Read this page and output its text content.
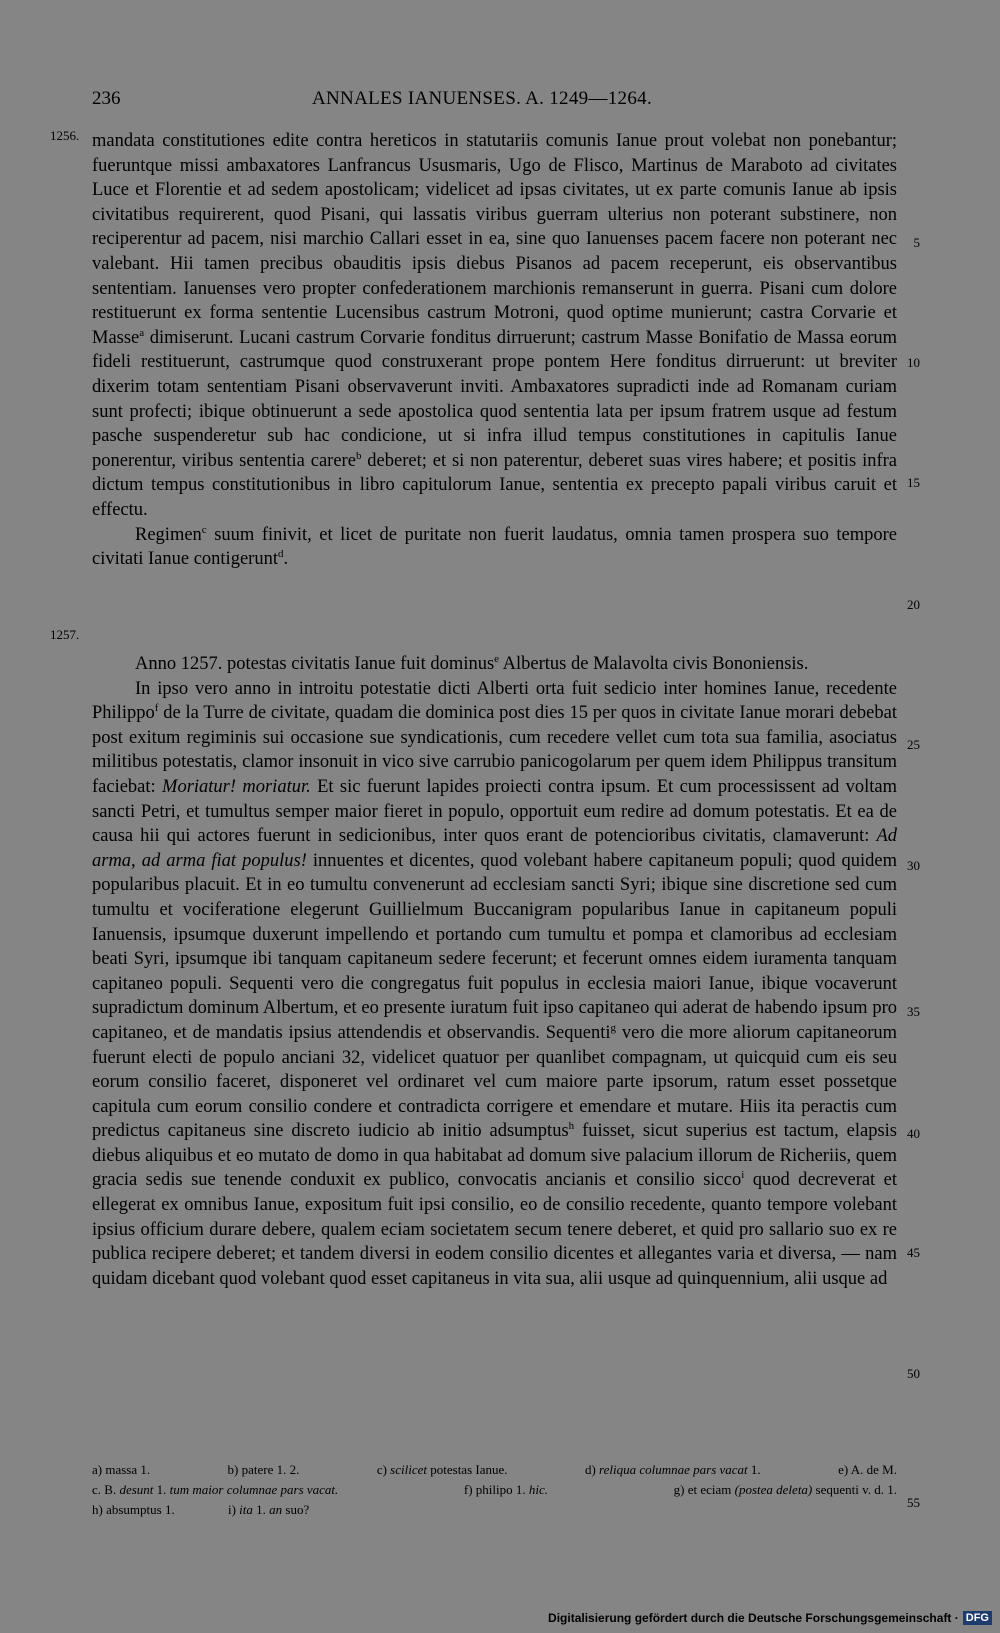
236	ANNALES IANUENSES. A. 1249—1264.
1256.
1257.
5
10
15
20
25
30
35
40
45
50
55

mandata constitutiones edite contra hereticos in statutariis comunis Ianue prout volebat non ponebantur; fueruntque missi ambaxatores Lanfrancus Ususmaris, Ugo de Flisco, Martinus de Maraboto ad civitates Luce et Florentie et ad sedem apostolicam; videlicet ad ipsas civitates, ut ex parte comunis Ianue ab ipsis civitatibus requirerent, quod Pisani, qui lassatis viribus guerram ulterius non poterant substinere, non reciperentur ad pacem, nisi marchio Callari esset in ea, sine quo Ianuenses pacem facere non poterant nec valebant. Hii tamen precibus obauditis ipsis diebus Pisanos ad pacem receperunt, eis observantibus sententiam. Ianuenses vero propter confederationem marchionis remanserunt in guerra. Pisani cum dolore restituerunt ex forma sententie Lucensibus castrum Motroni, quod optime munierunt; castra Corvarie et Masse$^a$ dimiserunt. Lucani castrum Corvarie fonditus dirruerunt; castrum Masse Bonifatio de Massa eorum fideli restituerunt, castrumque quod construxerant prope pontem Here fonditus dirruerunt: ut breviter dixerim totam sententiam Pisani observaverunt inviti. Ambaxatores supradicti inde ad Romanam curiam sunt profecti; ibique obtinuerunt a sede apostolica quod sententia lata per ipsum fratrem usque ad festum pasche suspenderetur sub hac condicione, ut si infra illud tempus constitutiones in capitulis Ianue ponerentur, viribus sententia carere$^b$ deberet; et si non paterentur, deberet suas vires habere; et positis infra dictum tempus constitutionibus in libro capitulorum Ianue, sententia ex precepto papali viribus caruit et effectu.

Regimen$^c$ suum finivit, et licet de puritate non fuerit laudatus, omnia tamen prospera suo tempore civitati Ianue contigerunt$^d$.

Anno 1257. potestas civitatis Ianue fuit dominus$^e$ Albertus de Malavolta civis Bononiensis.

In ipso vero anno in introitu potestatie dicti Alberti orta fuit sedicio inter homines Ianue, recedente Philippo$^f$ de la Turre de civitate, quadam die dominica post dies 15 per quos in civitate Ianue morari debebat post exitum regiminis sui occasione sue syndicationis, cum recedere vellet cum tota sua familia, asociatus militibus potestatis, clamor insonuit in vico sive carrubio panicogolarum per quem idem Philippus transitum faciebat: Moriatur! moriatur. Et sic fuerunt lapides proiecti contra ipsum. Et cum processissent ad voltam sancti Petri, et tumultus semper maior fieret in populo, opportuit eum redire ad domum potestatis. Et ea de causa hii qui actores fuerunt in sedicionibus, inter quos erant de potencioribus civitatis, clamaverunt: Ad arma, ad arma fiat populus! innuentes et dicentes, quod volebant habere capitaneum populi; quod quidem popularibus placuit. Et in eo tumultu convenerunt ad ecclesiam sancti Syri; ibique sine discretione sed cum tumultu et vociferatione elegerunt Guillielmum Buccanigram popularibus Ianue in capitaneum populi Ianuensis, ipsumque duxerunt impellendo et portando cum tumultu et pompa et clamoribus ad ecclesiam beati Syri, ipsumque ibi tanquam capitaneum sedere fecerunt; et fecerunt omnes eidem iuramenta tanquam capitaneo populi. Sequenti vero die congregatus fuit populus in ecclesia maiori Ianue, ibique vocaverunt supradictum dominum Albertum, et eo presente iuratum fuit ipso capitaneo qui aderat de habendo ipsum pro capitaneo, et de mandatis ipsius attendendis et observandis. Sequenti$^g$ vero die more aliorum capitaneorum fuerunt electi de populo anciani 32, videlicet quatuor per quanlibet compagnam, ut quicquid cum eis seu eorum consilio faceret, disponeret vel ordinaret vel cum maiore parte ipsorum, ratum esset possetque capitula cum eorum consilio condere et contradicta corrigere et emendare et mutare. Hiis ita peractis cum predictus capitaneus sine discreto iudicio ab initio adsumptus$^h$ fuisset, sicut superius est tactum, elapsis diebus aliquibus et eo mutato de domo in qua habitabat ad domum sive palacium illorum de Richeriis, quem gracia sedis sue tenende conduxit ex publico, convocatis ancianis et consilio sicco$^i$ quod decreverat et ellegerat ex omnibus Ianue, expositum fuit ipsi consilio, eo de consilio recedente, quanto tempore volebant ipsius officium durare debere, qualem eciam societatem secum tenere deberet, et quid pro sallario suo ex re publica recipere deberet; et tandem diversi in eodem consilio dicentes et allegantes varia et diversa, — nam quidam dicebant quod volebant quod esset capitaneus in vita sua, alii usque ad quinquennium, alii usque ad

a) massa 1.	b) patere 1. 2.	c) scilicet potestas Ianue.	d) reliqua columnae pars vacat 1.	e) A. de M.
c. B. desunt 1. tum maior columnae pars vacat.	f) philipo 1. hic.	g) et eciam (postea deleta) sequenti v. d. 1.
h) absumptus 1.	i) ita 1. an suo?
Digitalisierung gefördert durch die Deutsche Forschungsgemeinschaft · DFG
